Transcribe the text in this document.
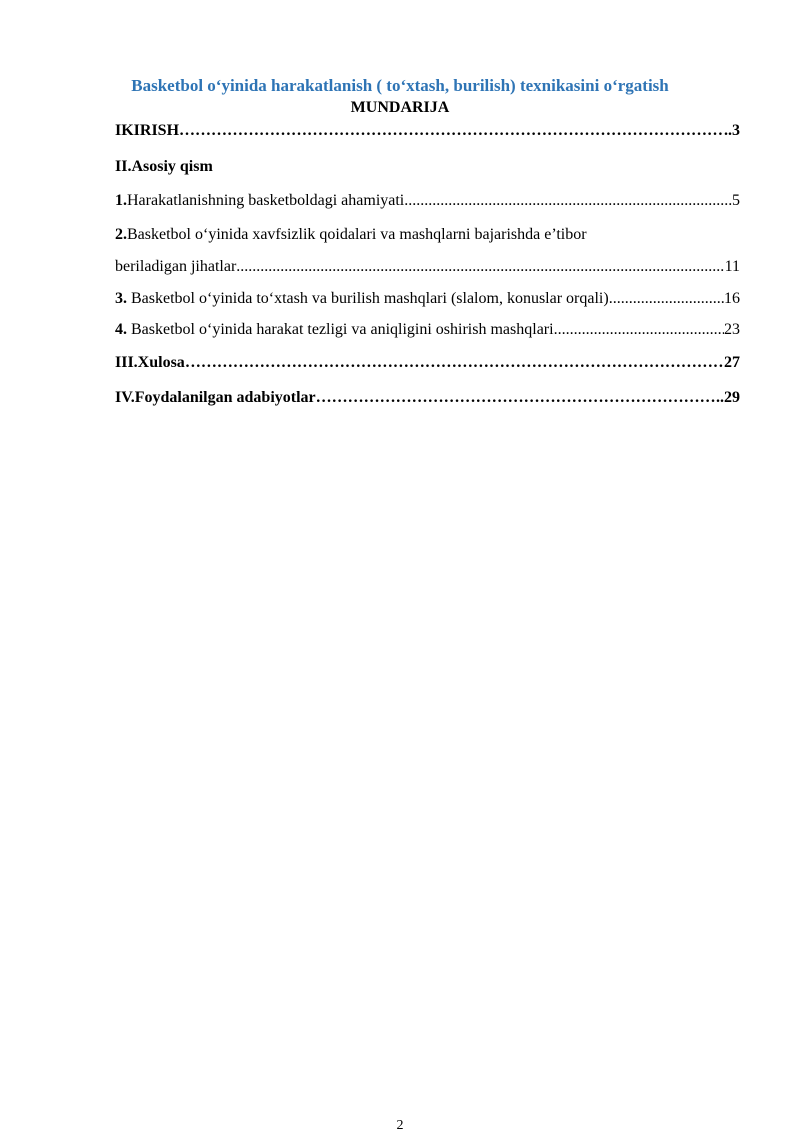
Basketbol o‘yinida harakatlanish ( to‘xtash, burilish) texnikasini o‘rgatish
MUNDARIJA
IKIRISH ………………………………………………………………………………………………………………………………………………………………………………………………………	..3
II.Asosiy qism
1.Harakatlanishning basketboldagi ahamiyati .....	5
2.Basketbol o‘yinida xavfsizlik qoidalari va mashqlarni bajarishda e’tibor
beriladigan jihatlar .....	11
3. Basketbol o‘yinida to‘xtash va burilish mashqlari (slalom, konuslar orqali) .....	16
4. Basketbol o‘yinida harakat tezligi va aniqligini oshirish mashqlari .....	23
III.Xulosa ………………………………………………………………………………………………………………………………………………………………………………………………………	27
IV.Foydalanilgan adabiyotlar ………………………………………………………………………………………………………………………………………………………………………………………………………	..29
2
